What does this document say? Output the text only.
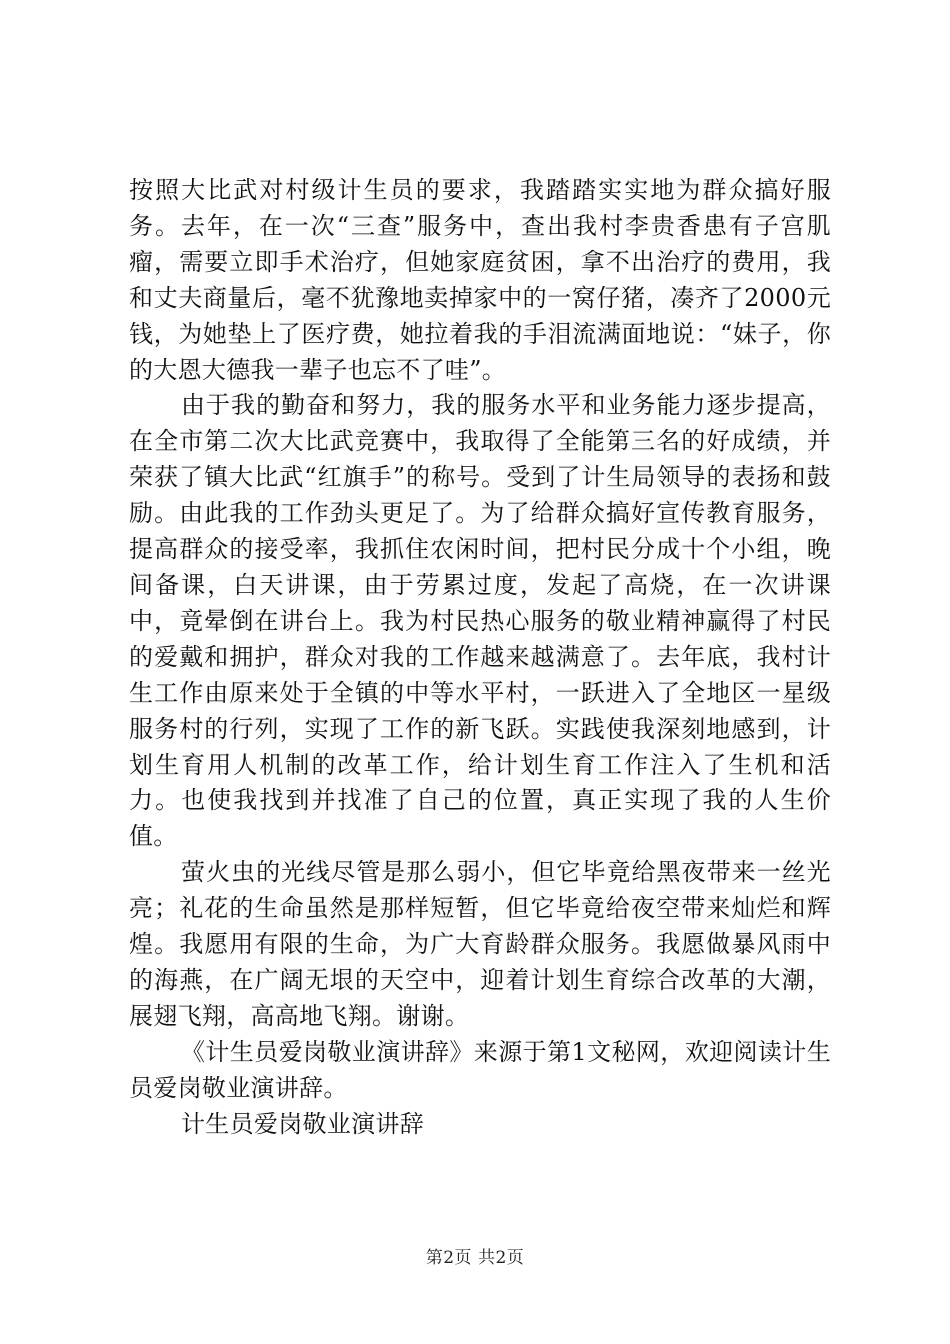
按照大比武对村级计生员的要求，我踏踏实实地为群众搞好服务。去年，在一次“三查”服务中，查出我村李贵香患有子宫肌瘤，需要立即手术治疗，但她家庭贫困，拿不出治疗的费用，我和丈夫商量后，毫不犹豫地卖掉家中的一窝仔猪，凑齐了2000元钱，为她垫上了医疗费，她拉着我的手泪流满面地说：“妹子，你的大恩大德我一辈子也忘不了哇”。

由于我的勤奋和努力，我的服务水平和业务能力逐步提高，在全市第二次大比武竞赛中，我取得了全能第三名的好成绩，并荣获了镇大比武“红旗手”的称号。受到了计生局领导的表扬和鼓励。由此我的工作劲头更足了。为了给群众搞好宣传教育服务，提高群众的接受率，我抓住农闲时间，把村民分成十个小组，晚间备课，白天讲课，由于劳累过度，发起了高烧，在一次讲课中，竟晕倒在讲台上。我为村民热心服务的敬业精神赢得了村民的爱戴和拥护，群众对我的工作越来越满意了。去年底，我村计生工作由原来处于全镇的中等水平村，一跃进入了全地区一星级服务村的行列，实现了工作的新飞跃。实践使我深刻地感到，计划生育用人机制的改革工作，给计划生育工作注入了生机和活力。也使我找到并找准了自己的位置，真正实现了我的人生价值。

萤火虫的光线尽管是那么弱小，但它毕竟给黑夜带来一丝光亮；礼花的生命虽然是那样短暂，但它毕竟给夜空带来灿烂和辉煌。我愿用有限的生命，为广大育龄群众服务。我愿做暴风雨中的海燕，在广阔无垠的天空中，迎着计划生育综合改革的大潮，展翅飞翔，高高地飞翔。谢谢。

《计生员爱岗敬业演讲辞》来源于第1文秘网，欢迎阅读计生员爱岗敬业演讲辞。

计生员爱岗敬业演讲辞

第2页 共2页
